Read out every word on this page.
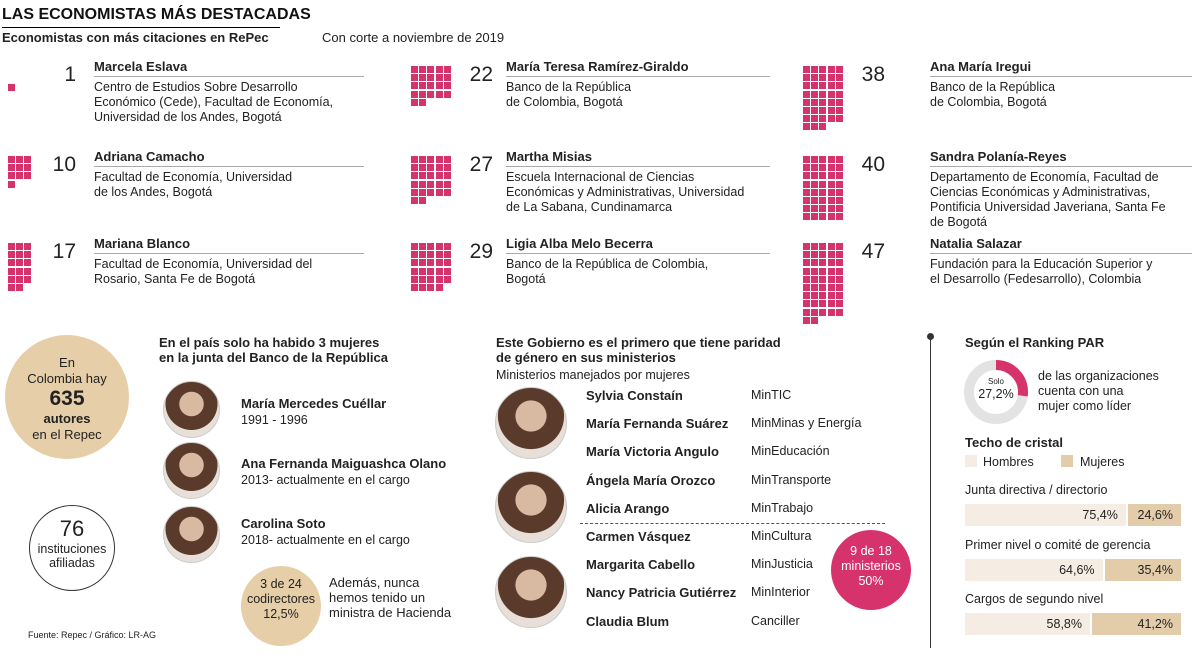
LAS ECONOMISTAS MÁS DESTACADAS
Economistas con más citaciones en RePec	Con corte a noviembre de 2019
1 Marcela Eslava
Centro de Estudios Sobre Desarrollo
Económico (Cede), Facultad de Economía,
Universidad de los Andes, Bogotá
10 Adriana Camacho
Facultad de Economía, Universidad
de los Andes, Bogotá
17 Mariana Blanco
Facultad de Economía, Universidad del
Rosario, Santa Fe de Bogotá
22 María Teresa Ramírez-Giraldo
Banco de la República
de Colombia, Bogotá
27 Martha Misias
Escuela Internacional de Ciencias
Económicas y Administrativas, Universidad
de La Sabana, Cundinamarca
29 Ligia Alba Melo Becerra
Banco de la República de Colombia,
Bogotá
38	Ana María Iregui
Banco de la República
de Colombia, Bogotá
40	Sandra Polanía-Reyes
Departamento de Economía, Facultad de
Ciencias Económicas y Administrativas,
Pontificia Universidad Javeriana, Santa Fe
de Bogotá
47	Natalia Salazar
Fundación para la Educación Superior y
el Desarrollo (Fedesarrollo), Colombia
En
Colombia hay
635
autores
en el Repec
76
instituciones
afiliadas
Fuente: Repec / Gráfico: LR-AG
En el país solo ha habido 3 mujeres
en la junta del Banco de la República
María Mercedes Cuéllar
1991 - 1996
Ana Fernanda Maiguashca Olano
2013- actualmente en el cargo
Carolina Soto
2018- actualmente en el cargo
3 de 24
codirectores
12,5%
Además, nunca
hemos tenido un
ministra de Hacienda
Este Gobierno es el primero que tiene paridad
de género en sus ministerios
Ministerios manejados por mujeres
Sylvia Constaín	MinTIC
María Fernanda Suárez MinMinas y Energía
María Victoria Angulo	MinEducación
Ángela María Orozco	MinTransporte
Alicia Arango	MinTrabajo
Carmen Vásquez	MinCultura
Margarita Cabello	MinJusticia
Nancy Patricia Gutiérrez MinInterior
Claudia Blum	Canciller
9 de 18
ministerios
50%
Según el Ranking PAR
Solo
27,2%
de las organizaciones
cuenta con una
mujer como líder
Techo de cristal
Hombres	Mujeres
Junta directiva / directorio
75,4%	24,6%
Primer nivel o comité de gerencia
64,6%	35,4%
Cargos de segundo nivel
58,8%	41,2%
